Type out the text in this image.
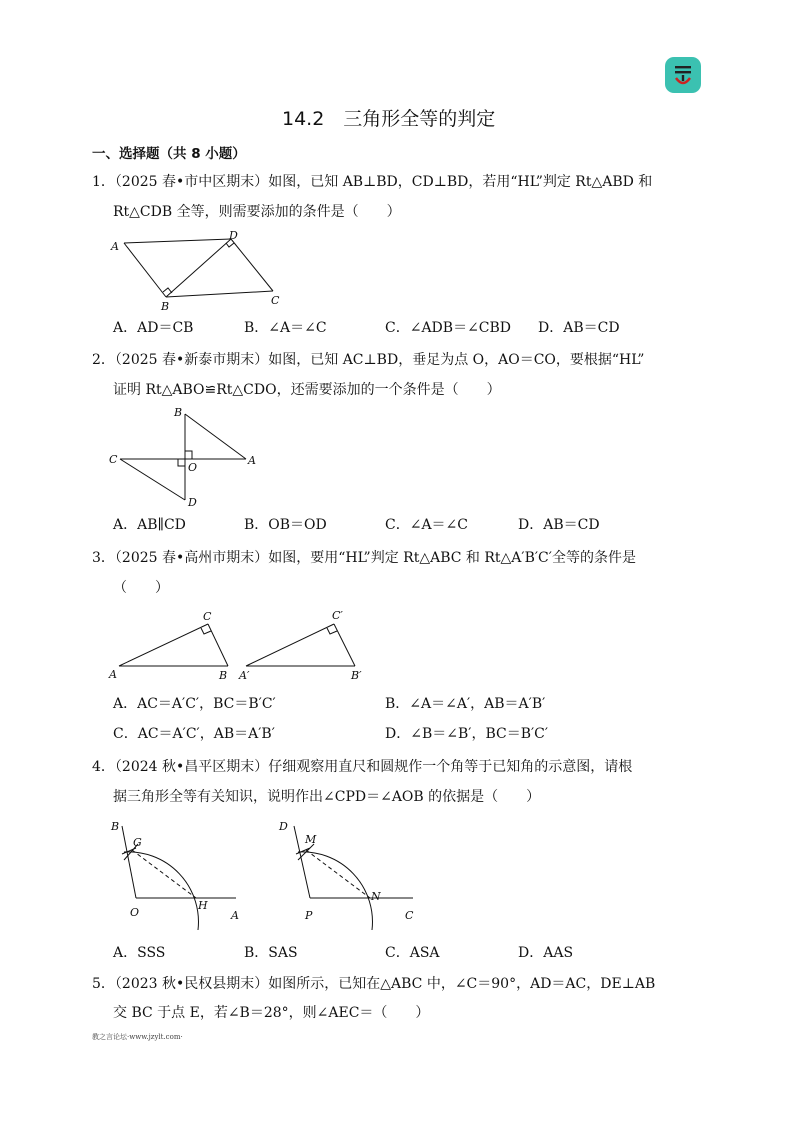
14.2　三角形全等的判定
一、选择题（共 8 小题）
1．（2025 春•市中区期末）如图，已知 AB⊥BD，CD⊥BD，若用“HL”判定 Rt△ABD 和
Rt△CDB 全等，则需要添加的条件是（　　）
A
D
B	C
A．AD＝CB	B．∠A＝∠C	C．∠ADB＝∠CBD D．AB＝CD
2．（2025 春•新泰市期末）如图，已知 AC⊥BD，垂足为点 O，AO＝CO，要根据“HL”
证明 Rt△ABO≌Rt△CDO，还需要添加的一个条件是（　　）
B
C
O
A
D
A．AB∥CD	B．OB＝OD	C．∠A＝∠C	D．AB＝CD
3．（2025 春•高州市期末）如图，要用“HL”判定 Rt△ABC 和 Rt△A′B′C′全等的条件是
（　　）
C
A	B
C′
A′	B′
A．AC＝A′C′，BC＝B′C′	B．∠A＝∠A′，AB＝A′B′
C．AC＝A′C′，AB＝A′B′	D．∠B＝∠B′，BC＝B′C′
4．（2024 秋•昌平区期末）仔细观察用直尺和圆规作一个角等于已知角的示意图，请根
据三角形全等有关知识，说明作出∠CPD＝∠AOB 的依据是（　　）
B
G
H
O	A
D
M
N
P	C
A．SSS	B．SAS	C．ASA	D．AAS
5．（2023 秋•民权县期末）如图所示，已知在△ABC 中，∠C＝90°，AD＝AC，DE⊥AB
交 BC 于点 E，若∠B＝28°，则∠AEC＝（　　）
教之言论坛·www.jzylt.com·
